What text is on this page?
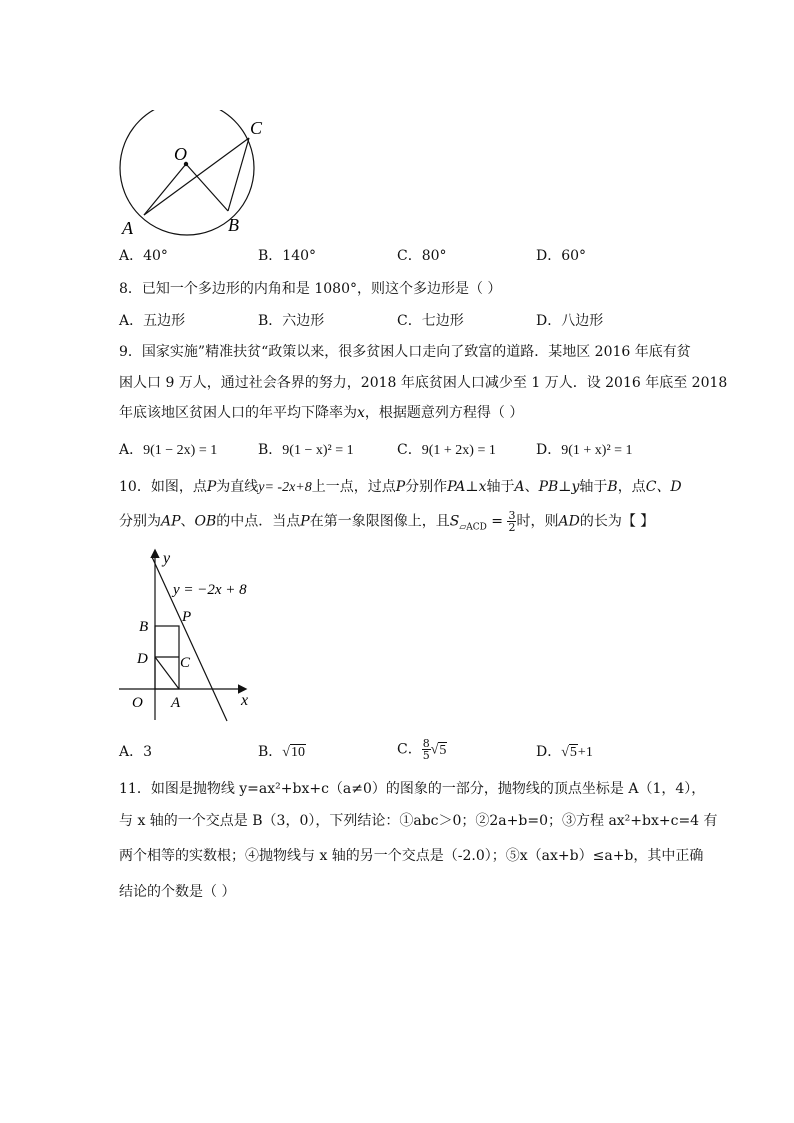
O
A	B
C
A．40°	B．140°	C．80°	D．60°
8．已知一个多边形的内角和是 1080°，则这个多边形是（ ）
A．五边形	B．六边形	C．七边形	D．八边形
9．国家实施”精准扶贫“政策以来，很多贫困人口走向了致富的道路．某地区 2016 年底有贫
困人口 9 万人，通过社会各界的努力，2018 年底贫困人口减少至 1 万人．设 2016 年底至 2018
年底该地区贫困人口的年平均下降率为x，根据题意列方程得（ ）
A．9(1 − 2x) = 1	B．9(1 − x)² = 1	C．9(1 + 2x) = 1	D．9(1 + x)² = 1
10．如图，点P为直线y= -2x+8上一点，过点P分别作PA⊥x轴于A、PB⊥y轴于B，点C、D
分别为AP、OB的中点．当点P在第一象限图像上，且$S_{▱ACD} = \frac{3}{2}$ 时，则AD的长为【 】
y
x
y = −2x + 8
O A
B
D C
P
A．3	B．√10	C． $\frac{8}{5} √5$	D．√5+1
11．如图是抛物线 y=ax²+bx+c（a≠0）的图象的一部分，抛物线的顶点坐标是 A（1，4），
与 x 轴的一个交点是 B（3，0），下列结论：①abc＞0；②2a+b=0；③方程 ax²+bx+c=4 有
两个相等的实数根；④抛物线与 x 轴的另一个交点是（-2.0）；⑤x（ax+b）≤a+b，其中正确
结论的个数是（ ）
